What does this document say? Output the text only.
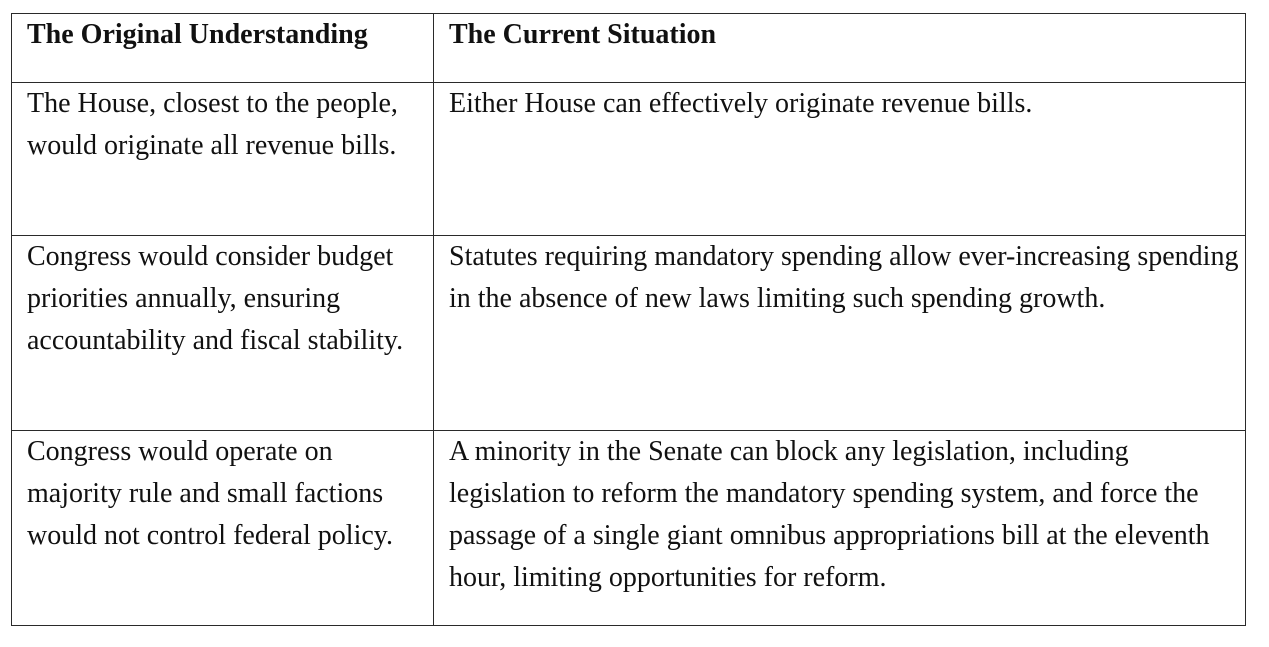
The Original Understanding	The Current Situation

The House, closest to the people, would originate all revenue bills.	Either House can effectively originate revenue bills.

Congress would consider budget priorities annually, ensuring accountability and fiscal stability.	Statutes requiring mandatory spending allow ever-increasing spending in the absence of new laws limiting such spending growth.

Congress would operate on majority rule and small factions would not control federal policy.	A minority in the Senate can block any legislation, including legislation to reform the mandatory spending system, and force the passage of a single giant omnibus appropriations bill at the eleventh hour, limiting opportunities for reform.
